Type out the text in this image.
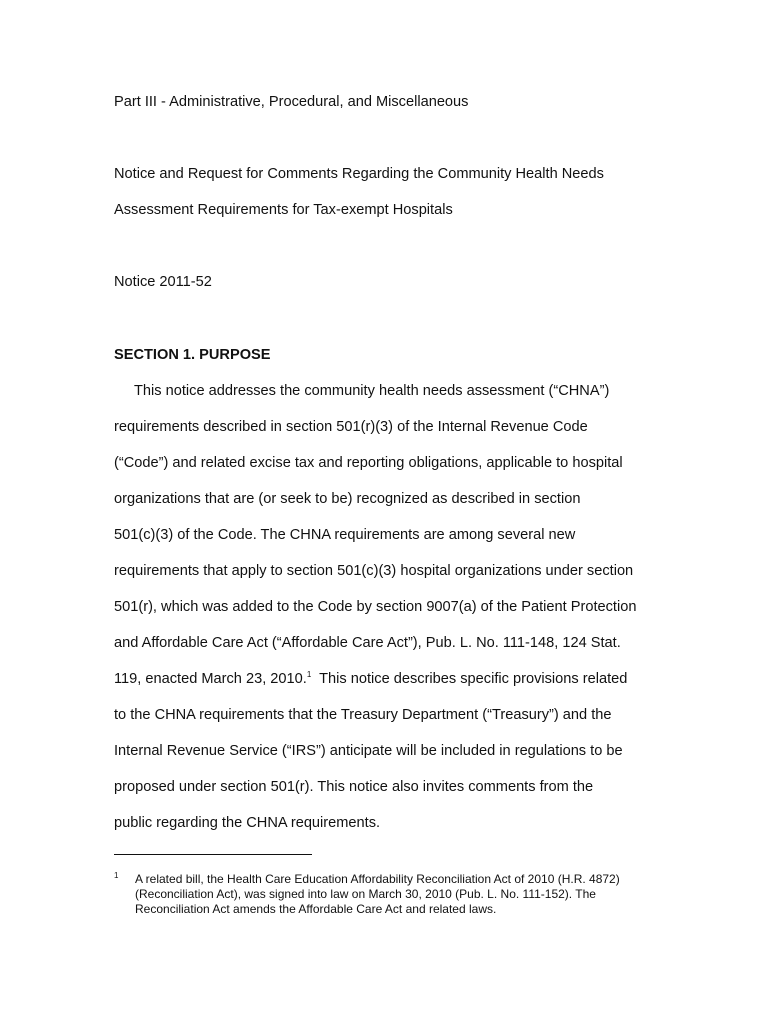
Part III - Administrative, Procedural, and Miscellaneous
Notice and Request for Comments Regarding the Community Health Needs
Assessment Requirements for Tax-exempt Hospitals
Notice 2011-52
SECTION 1. PURPOSE
This notice addresses the community health needs assessment (“CHNA”)
requirements described in section 501(r)(3) of the Internal Revenue Code
(“Code”) and related excise tax and reporting obligations, applicable to hospital
organizations that are (or seek to be) recognized as described in section
501(c)(3) of the Code. The CHNA requirements are among several new
requirements that apply to section 501(c)(3) hospital organizations under section
501(r), which was added to the Code by section 9007(a) of the Patient Protection
and Affordable Care Act (“Affordable Care Act”), Pub. L. No. 111-148, 124 Stat.
119, enacted March 23, 2010.$^1$  This notice describes specific provisions related
to the CHNA requirements that the Treasury Department (“Treasury”) and the
Internal Revenue Service (“IRS”) anticipate will be included in regulations to be
proposed under section 501(r). This notice also invites comments from the
public regarding the CHNA requirements.
1 A related bill, the Health Care Education Affordability Reconciliation Act of 2010 (H.R. 4872)
(Reconciliation Act), was signed into law on March 30, 2010 (Pub. L. No. 111-152). The
Reconciliation Act amends the Affordable Care Act and related laws.
